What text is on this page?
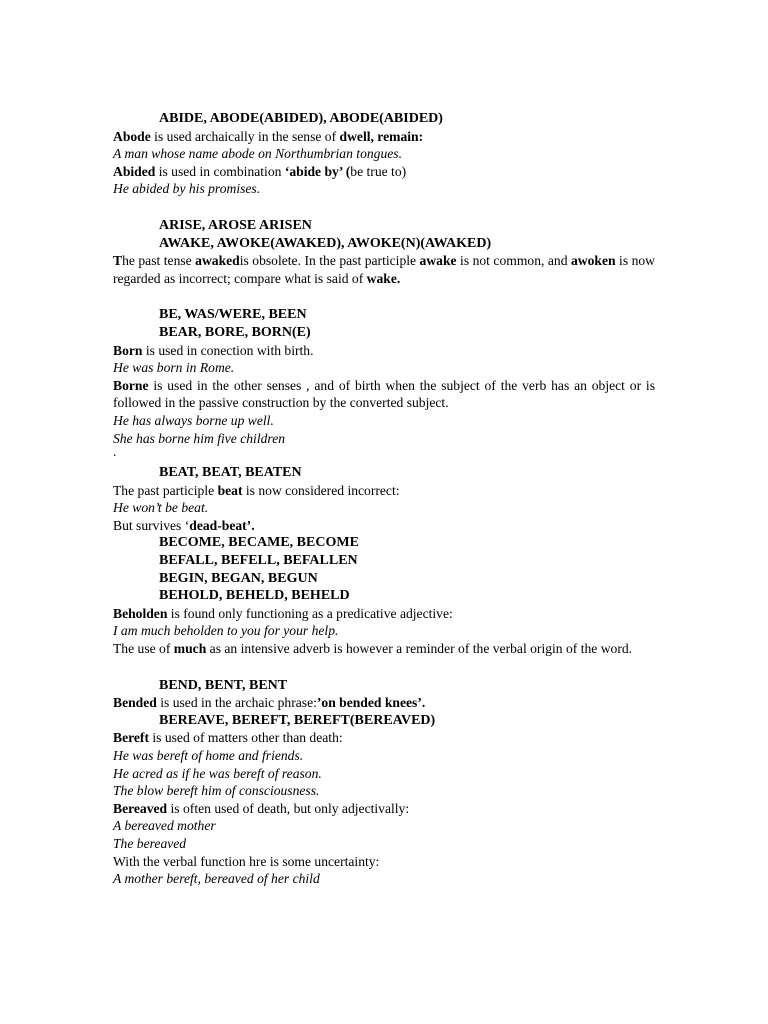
ABIDE, ABODE(ABIDED), ABODE(ABIDED)
Abode is used archaically in the sense of dwell, remain:
A man whose name abode on Northumbrian tongues.
Abided is used in combination ‘abide by’ (be true to)
He abided by his promises.
ARISE, AROSE ARISEN
AWAKE, AWOKE(AWAKED), AWOKE(N)(AWAKED)
The past tense awakedis obsolete. In the past participle awake is not common, and awoken is now regarded as incorrect; compare what is said of wake.
BE, WAS/WERE, BEEN
BEAR, BORE, BORN(E)
Born is used in conection with birth.
He was born in Rome.
Borne is used in the other senses , and of birth when the subject of the verb has an object or is followed in the passive construction by the converted subject.
He has always borne up well.
She has borne him five children
.
BEAT, BEAT, BEATEN
The past participle beat is now considered incorrect:
He won’t be beat.
But survives ‘dead-beat’.
BECOME, BECAME, BECOME
BEFALL, BEFELL, BEFALLEN
BEGIN, BEGAN, BEGUN
BEHOLD, BEHELD, BEHELD
Beholden is found only functioning as a predicative adjective:
I am much beholden to you for your help.
The use of much as an intensive adverb is however a reminder of the verbal origin of the word.
BEND, BENT, BENT
Bended is used in the archaic phrase:’on bended knees’.
BEREAVE, BEREFT, BEREFT(BEREAVED)
Bereft is used of matters other than death:
He was bereft of home and friends.
He acred as if he was bereft of reason.
The blow bereft him of consciousness.
Bereaved is often used of death, but only adjectivally:
A bereaved mother
The bereaved
With the verbal function hre is some uncertainty:
A mother bereft, bereaved of her child
